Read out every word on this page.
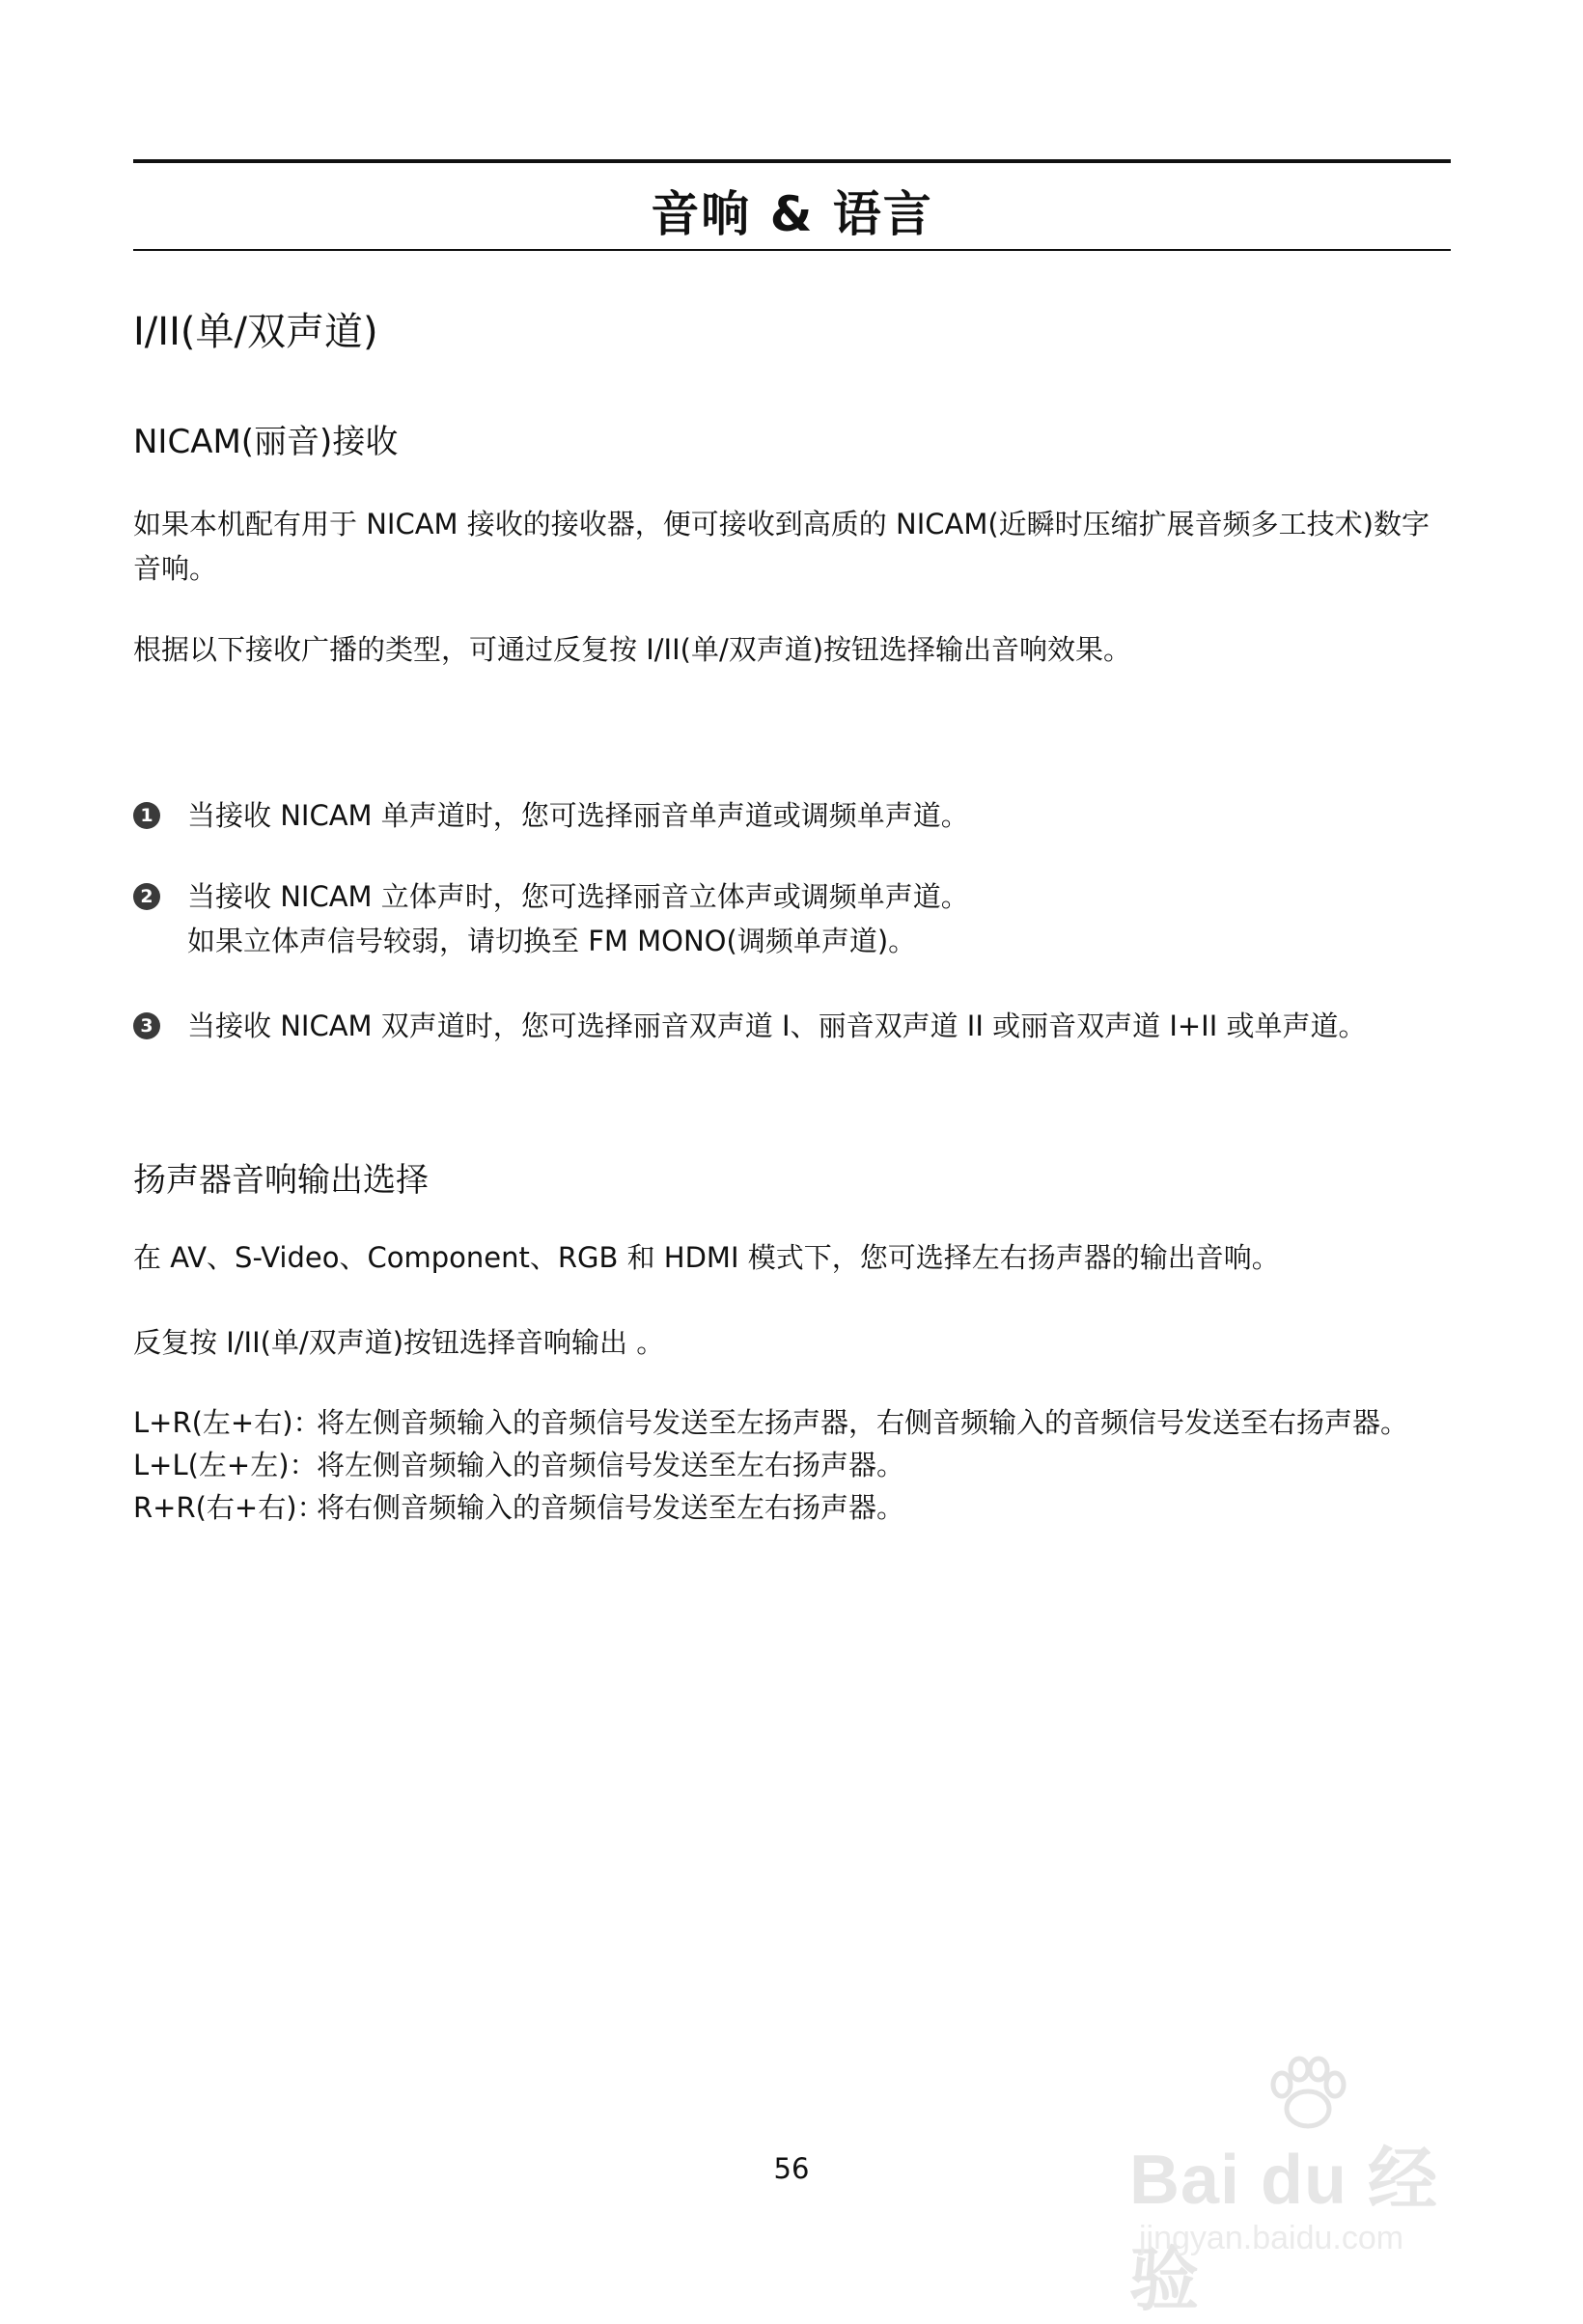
音响 & 语言
I/II(单/双声道)
NICAM(丽音)接收
如果本机配有用于 NICAM 接收的接收器，便可接收到高质的 NICAM(近瞬时压缩扩展音频多工技术)数字音响。
根据以下接收广播的类型，可通过反复按 I/II(单/双声道)按钮选择输出音响效果。
1 当接收 NICAM 单声道时，您可选择丽音单声道或调频单声道。
2 当接收 NICAM 立体声时，您可选择丽音立体声或调频单声道。
如果立体声信号较弱，请切换至 FM MONO(调频单声道)。
3 当接收 NICAM 双声道时，您可选择丽音双声道 I、丽音双声道 II 或丽音双声道 I+II 或单声道。
扬声器音响输出选择
在 AV、S-Video、Component、RGB 和 HDMI 模式下，您可选择左右扬声器的输出音响。
反复按 I/II(单/双声道)按钮选择音响输出 。
L+R(左+右)：
将左侧音频输入的音频信号发送至左扬声器，右侧音频输入的音频信号发送至右扬声器。
L+L(左+左)： 将左侧音频输入的音频信号发送至左右扬声器。
R+R(右+右)：
将右侧音频输入的音频信号发送至左右扬声器。
56	Bai du 经验
jingyan.baidu.com
